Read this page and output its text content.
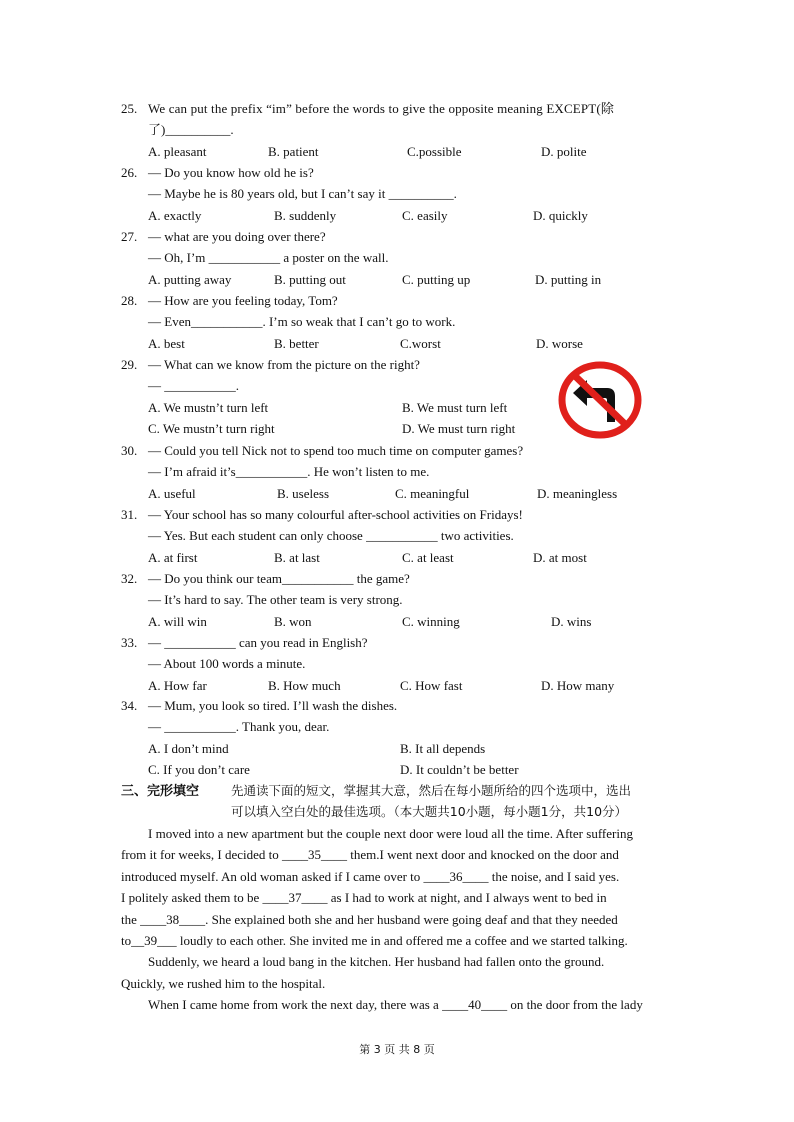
25. We can put the prefix “im” before the words to give the opposite meaning EXCEPT(除
了)__________.
A. pleasant	B. patient	C.possible	D. polite
26. — Do you know how old he is?
— Maybe he is 80 years old, but I can’t say it __________.
A. exactly	B. suddenly	C. easily	D. quickly
27. — what are you doing over there?
— Oh, I’m ___________ a poster on the wall.
A. putting away	B. putting out	C. putting up	D. putting in
28. — How are you feeling today, Tom?
— Even___________. I’m so weak that I can’t go to work.
A. best	B. better	C.worst	D. worse
29. — What can we know from the picture on the right?
— ___________.
A. We mustn’t turn left	B. We must turn left
C. We mustn’t turn right	D. We must turn right
30. — Could you tell Nick not to spend too much time on computer games?
— I’m afraid it’s___________. He won’t listen to me.
A. useful	B. useless	C. meaningful	D. meaningless
31. — Your school has so many colourful after-school activities on Fridays!
— Yes. But each student can only choose ___________ two activities.
A. at first	B. at last	C. at least	D. at most
32. — Do you think our team___________ the game?
— It’s hard to say. The other team is very strong.
A. will win	B. won	C. winning	D. wins
33. — ___________ can you read in English?
— About 100 words a minute.
A. How far	B. How much	C. How fast	D. How many
34. — Mum, you look so tired. I’ll wash the dishes.
— ___________. Thank you, dear.
A. I don’t mind	B. It all depends
C. If you don’t care	D. It couldn’t be better
三、完形填空	先通读下面的短文，掌握其大意，然后在每小题所给的四个选项中，选出
可以填入空白处的最佳选项。（本大题共10小题，每小题1分，共10分）
I moved into a new apartment but the couple next door were loud all the time. After suffering
from it for weeks, I decided to ____35____ them.I went next door and knocked on the door and
introduced myself. An old woman asked if I came over to ____36____ the noise, and I said yes.
I politely asked them to be ____37____ as I had to work at night, and I always went to bed in
the ____38____. She explained both she and her husband were going deaf and that they needed
to__39___ loudly to each other. She invited me in and offered me a coffee and we started talking.
Suddenly, we heard a loud bang in the kitchen. Her husband had fallen onto the ground.
Quickly, we rushed him to the hospital.
When I came home from work the next day, there was a ____40____ on the door from the lady
第 3 页 共 8 页
